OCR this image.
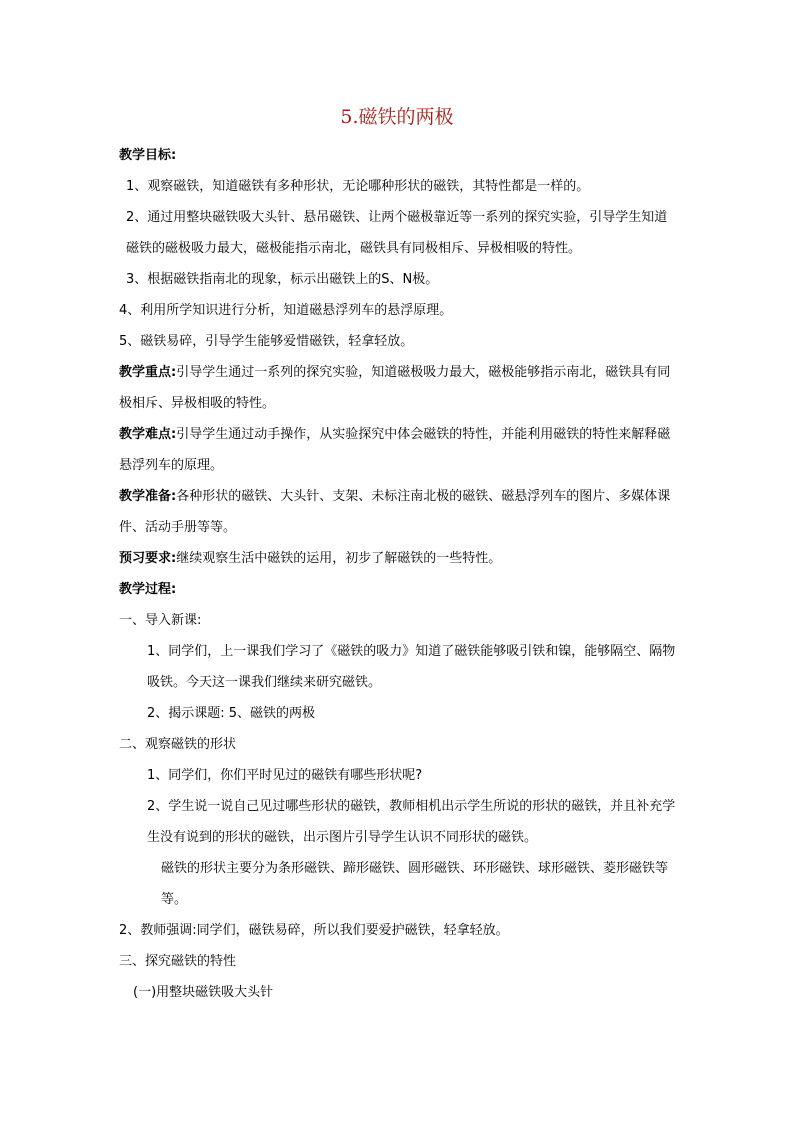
5.磁铁的两极

教学目标:

1、观察磁铁，知道磁铁有多种形状，无论哪种形状的磁铁，其特性都是一样的。

2、通过用整块磁铁吸大头针、悬吊磁铁、让两个磁极靠近等一系列的探究实验，引导学生知道磁铁的磁极吸力最大，磁极能指示南北，磁铁具有同极相斥、异极相吸的特性。

3、根据磁铁指南北的现象，标示出磁铁上的S、N极。

4、利用所学知识进行分析，知道磁悬浮列车的悬浮原理。

5、磁铁易碎，引导学生能够爱惜磁铁，轻拿轻放。

教学重点:引导学生通过一系列的探究实验，知道磁极吸力最大，磁极能够指示南北，磁铁具有同极相斥、异极相吸的特性。

教学难点:引导学生通过动手操作，从实验探究中体会磁铁的特性，并能利用磁铁的特性来解释磁悬浮列车的原理。

教学准备:各种形状的磁铁、大头针、支架、未标注南北极的磁铁、磁悬浮列车的图片、多媒体课件、活动手册等等。

预习要求:继续观察生活中磁铁的运用，初步了解磁铁的一些特性。

教学过程:

一、导入新课:

1、同学们，上一课我们学习了《磁铁的吸力》知道了磁铁能够吸引铁和镍，能够隔空、隔物吸铁。今天这一课我们继续来研究磁铁。

2、揭示课题: 5、磁铁的两极

二、观察磁铁的形状

1、同学们，你们平时见过的磁铁有哪些形状呢?

2、学生说一说自己见过哪些形状的磁铁，教师相机出示学生所说的形状的磁铁，并且补充学生没有说到的形状的磁铁，出示图片引导学生认识不同形状的磁铁。

磁铁的形状主要分为条形磁铁、蹄形磁铁、圆形磁铁、环形磁铁、球形磁铁、菱形磁铁等等。

2、教师强调:同学们，磁铁易碎，所以我们要爱护磁铁，轻拿轻放。

三、探究磁铁的特性

(一)用整块磁铁吸大头针
